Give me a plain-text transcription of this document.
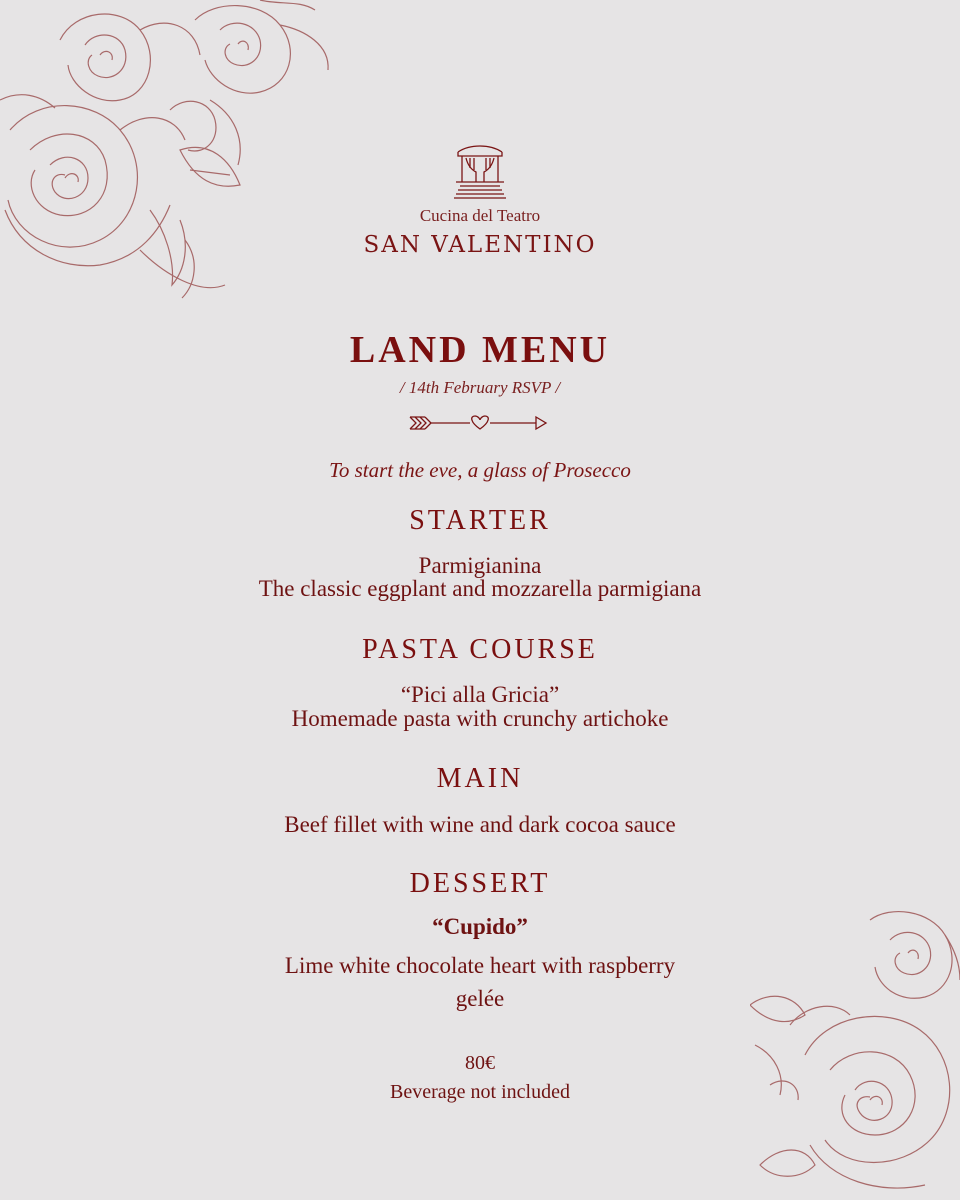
Cucina del Teatro
SAN VALENTINO
LAND MENU
/ 14th February RSVP /
To start the eve, a glass of Prosecco
STARTER
Parmigianina
The classic eggplant and mozzarella parmigiana
PASTA COURSE
“Pici alla Gricia”
Homemade pasta with crunchy artichoke
MAIN
Beef fillet with wine and dark cocoa sauce
DESSERT
“Cupido”
Lime white chocolate heart with raspberry
gelée
80€
Beverage not included
